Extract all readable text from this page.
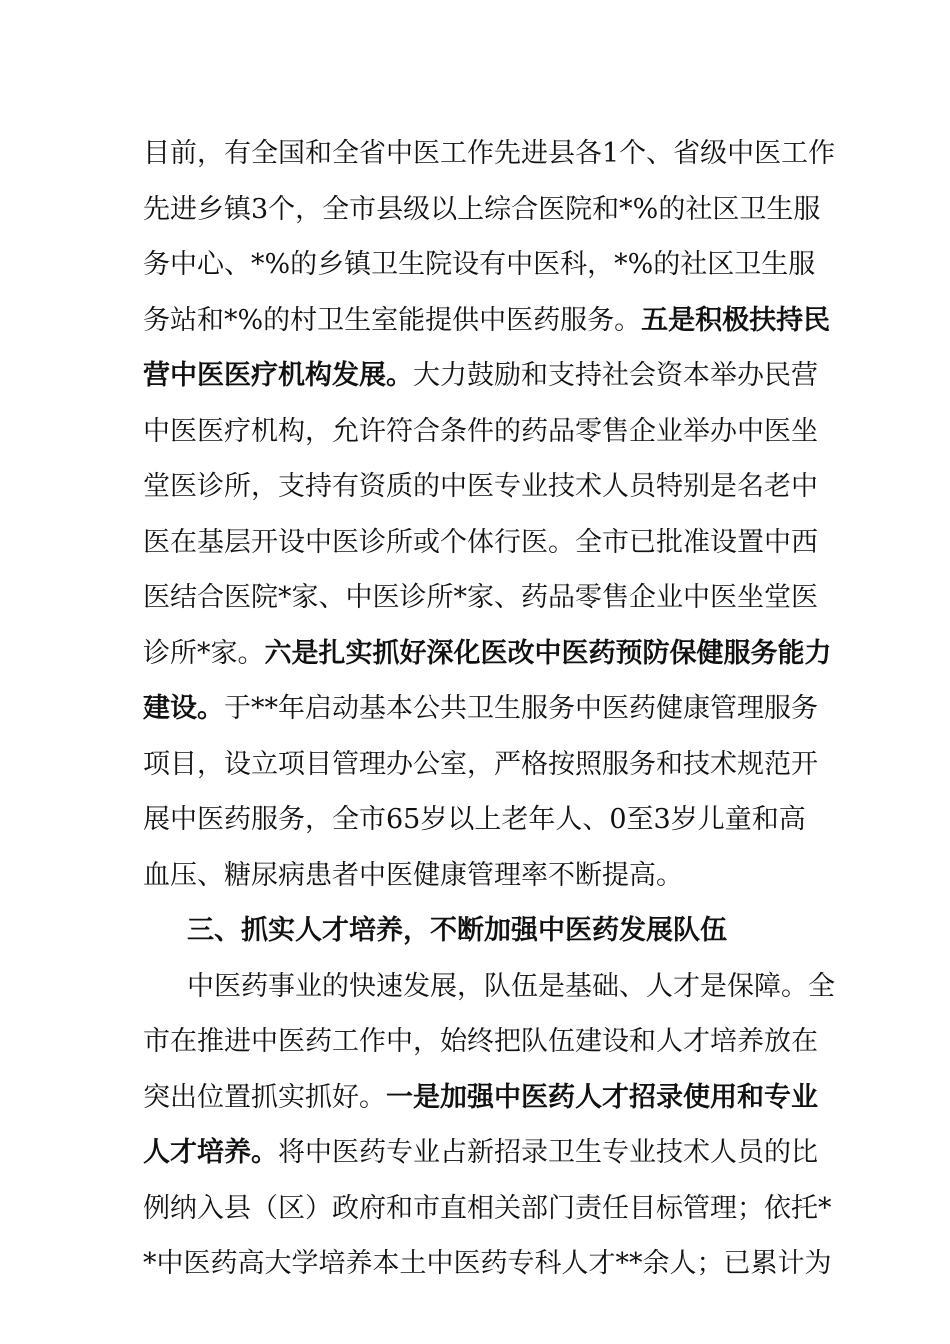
目前，有全国和全省中医工作先进县各1个、省级中医工作
先进乡镇3个，全市县级以上综合医院和*%的社区卫生服
务中心、*%的乡镇卫生院设有中医科，*%的社区卫生服
务站和*%的村卫生室能提供中医药服务。五是积极扶持民
营中医医疗机构发展。大力鼓励和支持社会资本举办民营
中医医疗机构，允许符合条件的药品零售企业举办中医坐
堂医诊所，支持有资质的中医专业技术人员特别是名老中
医在基层开设中医诊所或个体行医。全市已批准设置中西
医结合医院*家、中医诊所*家、药品零售企业中医坐堂医
诊所*家。六是扎实抓好深化医改中医药预防保健服务能力
建设。于**年启动基本公共卫生服务中医药健康管理服务
项目，设立项目管理办公室，严格按照服务和技术规范开
展中医药服务，全市65岁以上老年人、0至3岁儿童和高
血压、糖尿病患者中医健康管理率不断提高。
三、抓实人才培养，不断加强中医药发展队伍
中医药事业的快速发展，队伍是基础、人才是保障。全
市在推进中医药工作中，始终把队伍建设和人才培养放在
突出位置抓实抓好。一是加强中医药人才招录使用和专业
人才培养。将中医药专业占新招录卫生专业技术人员的比
例纳入县（区）政府和市直相关部门责任目标管理；依托*
*中医药高大学培养本土中医药专科人才**余人；已累计为
